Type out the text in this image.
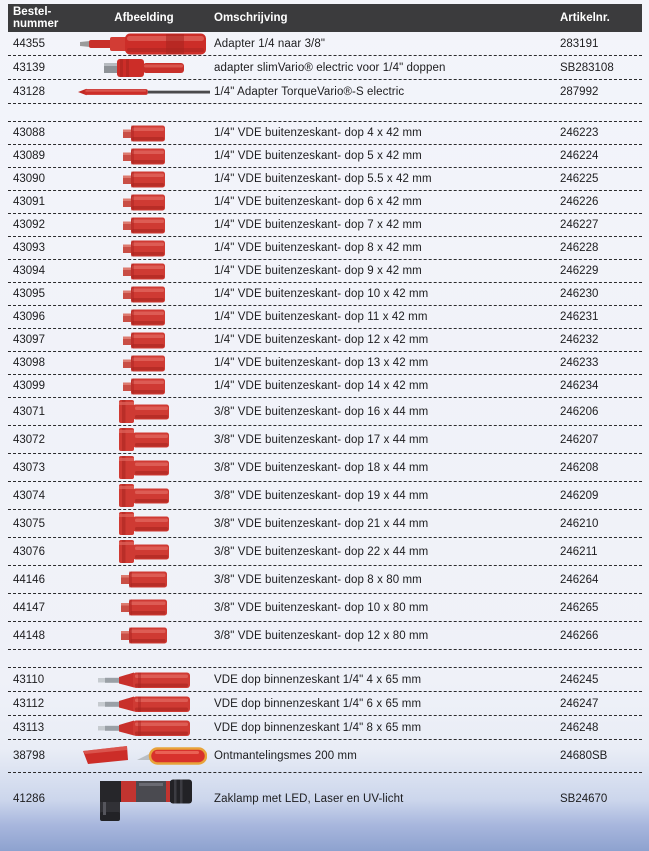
Bestel-nummer	Afbeelding	Omschrijving	Artikelnr.
44355	Adapter 1/4 naar 3/8"	283191
43139	adapter slimVario® electric voor 1/4" doppen	SB283108
43128	1/4" Adapter TorqueVario®-S electric	287992
43088	1/4" VDE buitenzeskant- dop 4 x 42 mm	246223
43089	1/4" VDE buitenzeskant- dop 5 x 42 mm	246224
43090	1/4" VDE buitenzeskant- dop 5.5 x 42 mm	246225
43091	1/4" VDE buitenzeskant- dop 6 x 42 mm	246226
43092	1/4" VDE buitenzeskant- dop 7 x 42 mm	246227
43093	1/4" VDE buitenzeskant- dop 8 x 42 mm	246228
43094	1/4" VDE buitenzeskant- dop 9 x 42 mm	246229
43095	1/4" VDE buitenzeskant- dop 10 x 42 mm	246230
43096	1/4" VDE buitenzeskant- dop 11 x 42 mm	246231
43097	1/4" VDE buitenzeskant- dop 12 x 42 mm	246232
43098	1/4" VDE buitenzeskant- dop 13 x 42 mm	246233
43099	1/4" VDE buitenzeskant- dop 14 x 42 mm	246234
43071	3/8" VDE buitenzeskant- dop 16 x 44 mm	246206
43072	3/8" VDE buitenzeskant- dop 17 x 44 mm	246207
43073	3/8" VDE buitenzeskant- dop 18 x 44 mm	246208
43074	3/8" VDE buitenzeskant- dop 19 x 44 mm	246209
43075	3/8" VDE buitenzeskant- dop 21 x 44 mm	246210
43076	3/8" VDE buitenzeskant- dop 22 x 44 mm	246211
44146	3/8" VDE buitenzeskant- dop 8 x 80 mm	246264
44147	3/8" VDE buitenzeskant- dop 10 x 80 mm	246265
44148	3/8" VDE buitenzeskant- dop 12 x 80 mm	246266
43110	VDE dop binnenzeskant 1/4" 4 x 65 mm	246245
43112	VDE dop binnenzeskant 1/4" 6 x 65 mm	246247
43113	VDE dop binnenzeskant 1/4" 8 x 65 mm	246248
38798	Ontmantelingsmes 200 mm	24680SB
41286	Zaklamp met LED, Laser en UV-licht	SB24670
